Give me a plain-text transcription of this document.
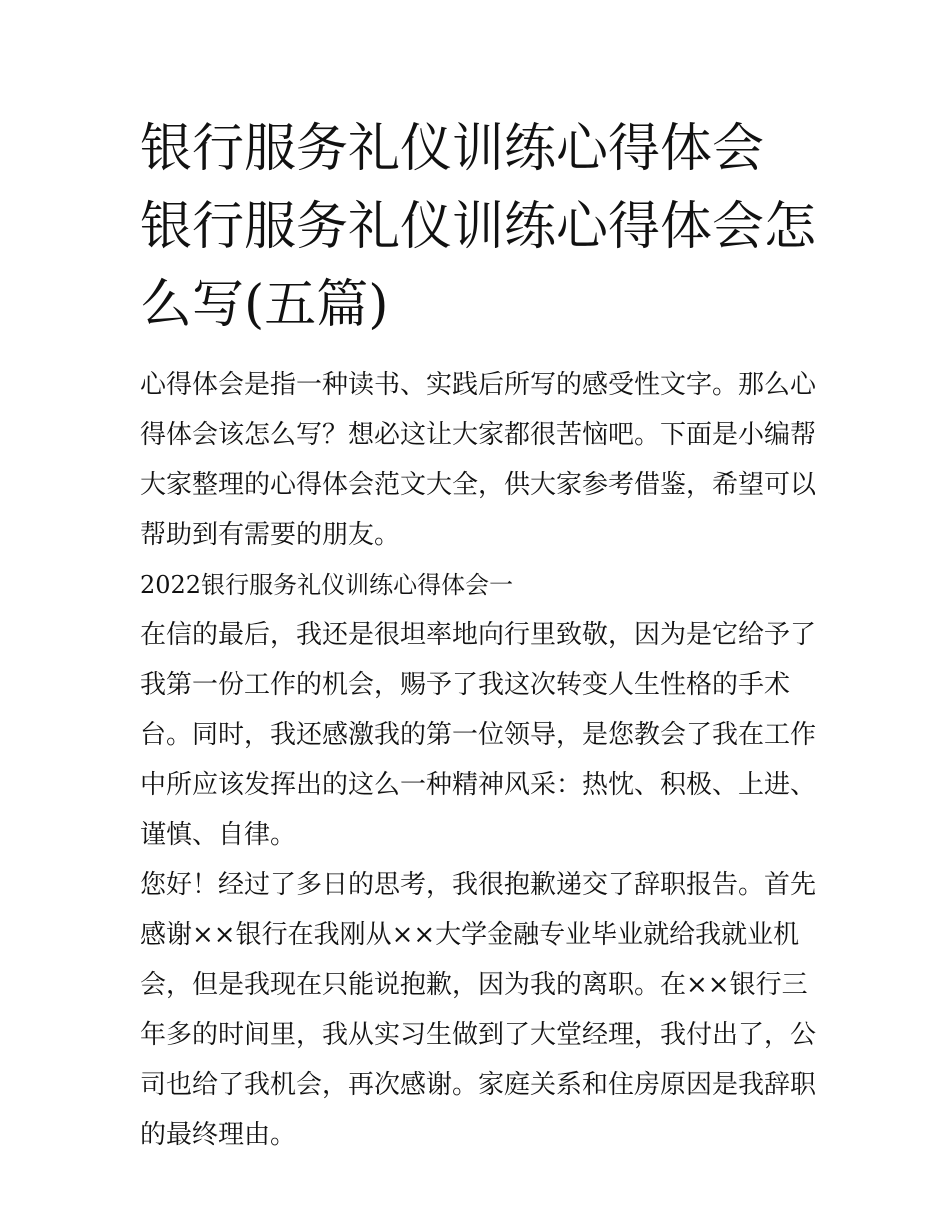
银行服务礼仪训练心得体会 银行服务礼仪训练心得体会怎么写(五篇)

心得体会是指一种读书、实践后所写的感受性文字。那么心得体会该怎么写？想必这让大家都很苦恼吧。下面是小编帮大家整理的心得体会范文大全，供大家参考借鉴，希望可以帮助到有需要的朋友。

2022银行服务礼仪训练心得体会一

在信的最后，我还是很坦率地向行里致敬，因为是它给予了我第一份工作的机会，赐予了我这次转变人生性格的手术台。同时，我还感激我的第一位领导，是您教会了我在工作中所应该发挥出的这么一种精神风采：热忱、积极、上进、谨慎、自律。

您好！经过了多日的思考，我很抱歉递交了辞职报告。首先感谢××银行在我刚从××大学金融专业毕业就给我就业机会，但是我现在只能说抱歉，因为我的离职。在××银行三年多的时间里，我从实习生做到了大堂经理，我付出了，公司也给了我机会，再次感谢。家庭关系和住房原因是我辞职的最终理由。
